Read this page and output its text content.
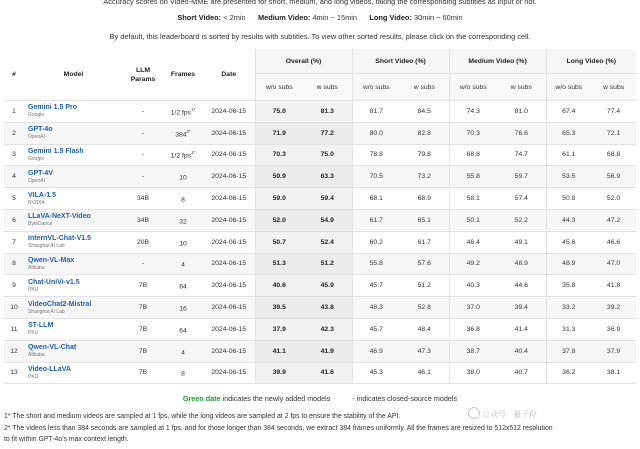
Accuracy scores on Video-MME are presented for short, medium, and long videos, taking the corresponding subtitles as input or not.
Short Video: < 2min Medium Video: 4min ~ 15min Long Video: 30min ~ 60min
By default, this leaderboard is sorted by results with subtitles. To view other sorted results, please click on the corresponding cell.
#	Model	LLM
Params	Frames	Date	Overall (%)		Short Video (%)		Medium Video (%)		Long Video (%)	
					w/o subs	w subs	w/o subs	w subs	w/o subs	w subs	w/o subs	w subs
1	Gemini 1.5 Pro
Google	-	1/2 fps$^{1*}$	2024-06-15	75.0	81.3	81.7	84.5	74.3	81.0	67.4	77.4
2	GPT-4o
OpenAI	-	$384^{2*}$	2024-06-15	71.9	77.2	80.0	82.8	70.3	76.6	65.3	72.1
3	Gemini 1.5 Flash
Google	-	1/2 fps$^{1*}$	2024-06-15	70.3	75.0	78.8	79.8	68.8	74.7	61.1	68.8
4	GPT-4V
OpenAI	-	10	2024-06-15	59.9	63.3	70.5	73.2	55.8	59.7	53.5	56.9
5	VILA-1.5
NVIDIA	34B	8	2024-06-15	59.0	59.4	68.1	68.9	58.1	57.4	50.8	52.0
6	LLaVA-NeXT-Video
ByteDance	34B	32	2024-06-15	52.0	54.9	61.7	65.1	50.1	52.2	44.3	47.2
7	InternVL-Chat-V1.5
Shanghai AI Lab	20B	10	2024-06-15	50.7	52.4	60.2	61.7	46.4	49.1	45.6	46.6
8	Qwen-VL-Max
Alibaba	-	4	2024-06-15	51.3	51.2	55.8	57.6	49.2	48.9	48.9	47.0
9	Chat-UniVi-v1.5
PKU	7B	64	2024-06-15	40.6	45.9	45.7	51.2	40.3	44.6	35.8	41.8
10	VideoChat2-Mistral
Shanghai AI Lab	7B	16	2024-06-15	39.5	43.8	48.3	52.8	37.0	39.4	33.2	39.2
11	ST-LLM
PKU	7B	64	2024-06-15	37.9	42.3	45.7	48.4	36.8	41.4	31.3	36.9
12	Qwen-VL-Chat
Alibaba	7B	4	2024-06-15	41.1	41.9	46.9	47.3	38.7	40.4	37.8	37.9
13	Video-LLaVA
PKU	7B	8	2024-06-15	39.9	41.6	45.3	46.1	38.0	40.7	36.2	38.1
Green date indicates the newly added models	- indicates closed-source models
1* The short and medium videos are sampled at 1 fps, while the long videos are sampled at 2 fps to ensure the stability of the API.
2* The videos less than 384 seconds are sampled at 1 fps, and for those longer than 384 seconds, we extract 384 frames uniformly. All the frames are resized to 512x512 resolution
to fit within GPT-4o's max context length.
公众号 · 量子位
